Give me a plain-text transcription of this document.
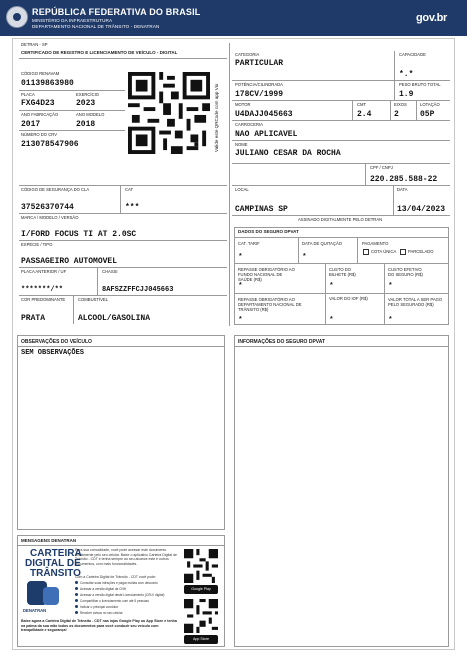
REPÚBLICA FEDERATIVA DO BRASIL
MINISTÉRIO DA INFRAESTRUTURA
DEPARTAMENTO NACIONAL DE TRÂNSITO - DENATRAN
gov.br
DETRAN - SP
CERTIFICADO DE REGISTRO E LICENCIAMENTO DE VEÍCULO - DIGITAL
CÓDIGO RENAVAM
01139863980
PLACA
FXG4D23
EXERCÍCIO
2023
ANO FABRICAÇÃO
2017
ANO MODELO
2018
NÚMERO DO CRV
213078547906	Valide este QRCode com app Vio
CÓDIGO DE SEGURANÇA DO CLA
37526370744
CAT
***
MARCA / MODELO / VERSÃO
I/FORD FOCUS TI AT 2.0SC
ESPÉCIE / TIPO
PASSAGEIRO AUTOMOVEL
PLACA ANTERIOR / UF
*******/**
CHASSI
8AFSZZFFCJJ045663
COR PREDOMINANTE
PRATA
COMBUSTÍVEL
ALCOOL/GASOLINA
CATEGORIA
PARTICULAR
CAPACIDADE
*.*
POTÊNCIA/CILINDRADA
178CV/1999
PESO BRUTO TOTAL
1.9
MOTOR
U4DAJJ045663
CMT
2.4
EIXOS
2
LOTAÇÃO
05P
CARROCERIA
NAO APLICAVEL
NOME
JULIANO CESAR DA ROCHA
CPF / CNPJ
220.285.588-22
LOCAL
CAMPINAS SP
DATA
13/04/2023
ASSINADO DIGITALMENTE PELO DETRAN
DADOS DO SEGURO DPVAT
CAT. TARIF
*
DATA DE QUITAÇÃO
*
PAGAMENTO
COTA ÚNICA	PARCELADO
REPASSE OBRIGATÓRIO AO FUNDO NACIONAL DE SAÚDE (R$)
*
CUSTO DO BILHETE (R$)
*
CUSTO EFETIVO DO SEGURO (R$)
*
REPASSE OBRIGATÓRIO AO DEPARTAMENTO NACIONAL DE TRÂNSITO (R$)
*
VALOR DO IOF (R$)
*
VALOR TOTAL A SER PAGO PELO SEGURADO (R$)
*
OBSERVAÇÕES DO VEÍCULO
SEM OBSERVAÇÕES
INFORMAÇÕES DO SEGURO DPVAT
MENSAGENS DENATRAN
CARTEIRA
DIGITAL DE
TRÂNSITO
DENATRAN
Para sua comodidade, você pode acessar este documento diretamente pelo seu celular. Baixe o aplicativo Carteira Digital de Trânsito - CDT e tenha sempre ao seu alcance este e outros documentos, com mais funcionalidades.
Com a Carteira Digital de Trânsito - CDT você pode:
Consultar suas infrações e pagar multas com desconto
Acessar a versão digital da CNH
Acessar a versão digital deste Licenciamento (CRLV digital)
Compartilhar o licenciamento com até 5 pessoas
Indicar o principal condutor
Receber avisos no seu celular
Google Play
App Store
Baixe agora a Carteira Digital de Trânsito - CDT nas lojas Google Play ou App Store e tenha na palma da sua mão todos os documentos para você conduzir seu veículo com tranquilidade e segurança!
